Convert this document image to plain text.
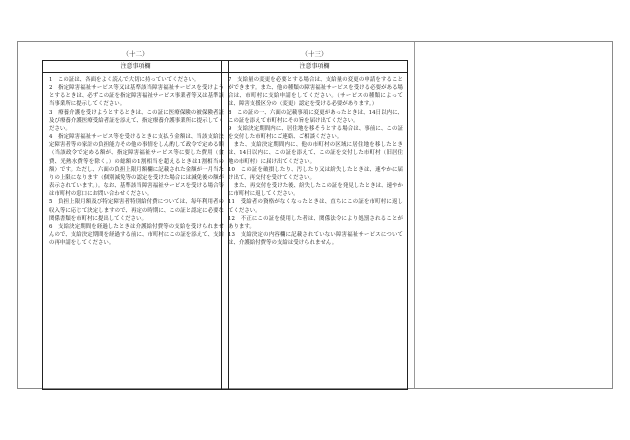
（十二）
注意事項欄

1　この証は、各面をよく読んで大切に持っていてください。

2　指定障害福祉サービス等又は基準該当障害福祉サービスを受けようとするときは、必ずこの証を指定障害福祉サービス事業者等又は基準該当事業所に提示してください。

3　療養介護を受けようとするときは、この証に医療保険の被保険者証及び療養介護医療受給者証を添えて、指定療養介護事業所に提示してください。

4　指定障害福祉サービス等を受けるときに支払う金額は、当該支給決定障害者等の家計の負担能力その他の事情をしん酌して政令で定める額（当該政令で定める額が、指定障害福祉サービス等に要した費用（食費、光熱水費等を除く。）の総額の1割相当を超えるときは1割相当の額）です。ただし、六面の負担上限月額欄に記載された金額が一月当たりの上限になります（個別減免等の認定を受けた場合には減免後の額が表示されています。）。なお、基準該当障害福祉サービスを受ける場合等は市町村の窓口にお問い合わせください。

5　負担上限月額及び特定障害者特別給付費については、毎年利用者の収入等に応じて決定しますので、再定の時期に、この証と認定に必要な関係書類を市町村に提出してください。

6　支給決定期間を経過したときは介護給付費等の支給を受けられませんので、支給決定期間を経過する前に、市町村にこの証を添えて、支給の再申請をしてください。

（十三）
注意事項欄

7　支給量の変更を必要とする場合は、支給量の変更の申請をすることができます。また、他の種類の障害福祉サービスを受ける必要がある場合は、市町村に支給申請をしてください。（サービスの種類によっては、障害支援区分の（変更）認定を受ける必要があります。）

8　この証の一、六面の記載事項に変更があったときは、14日以内に、この証を添えて市町村にその旨を届け出てください。

9　支給決定期間内に、居住地を移そうとする場合は、事前に、この証を交付した市町村にご連絡、ご相談ください。

　また、支給決定期間内に、他の市町村の区域に居住地を移したときは、14日以内に、この証を添えて、この証を交付した市町村（旧居住地の市町村）に届け出てください。

10　この証を破損したり、汚したり又は紛失したときは、速やかに届け出て、再交付を受けてください。

　また、再交付を受けた後、紛失したこの証を発見したときは、速やかに市町村に返してください。

11　受給者の資格がなくなったときは、直ちにこの証を市町村に返してください。

12　不正にこの証を使用した者は、関係法令により処罰されることがあります。

13　支給決定の内容欄に記載されていない障害福祉サービスについては、介護給付費等の支給は受けられません。
